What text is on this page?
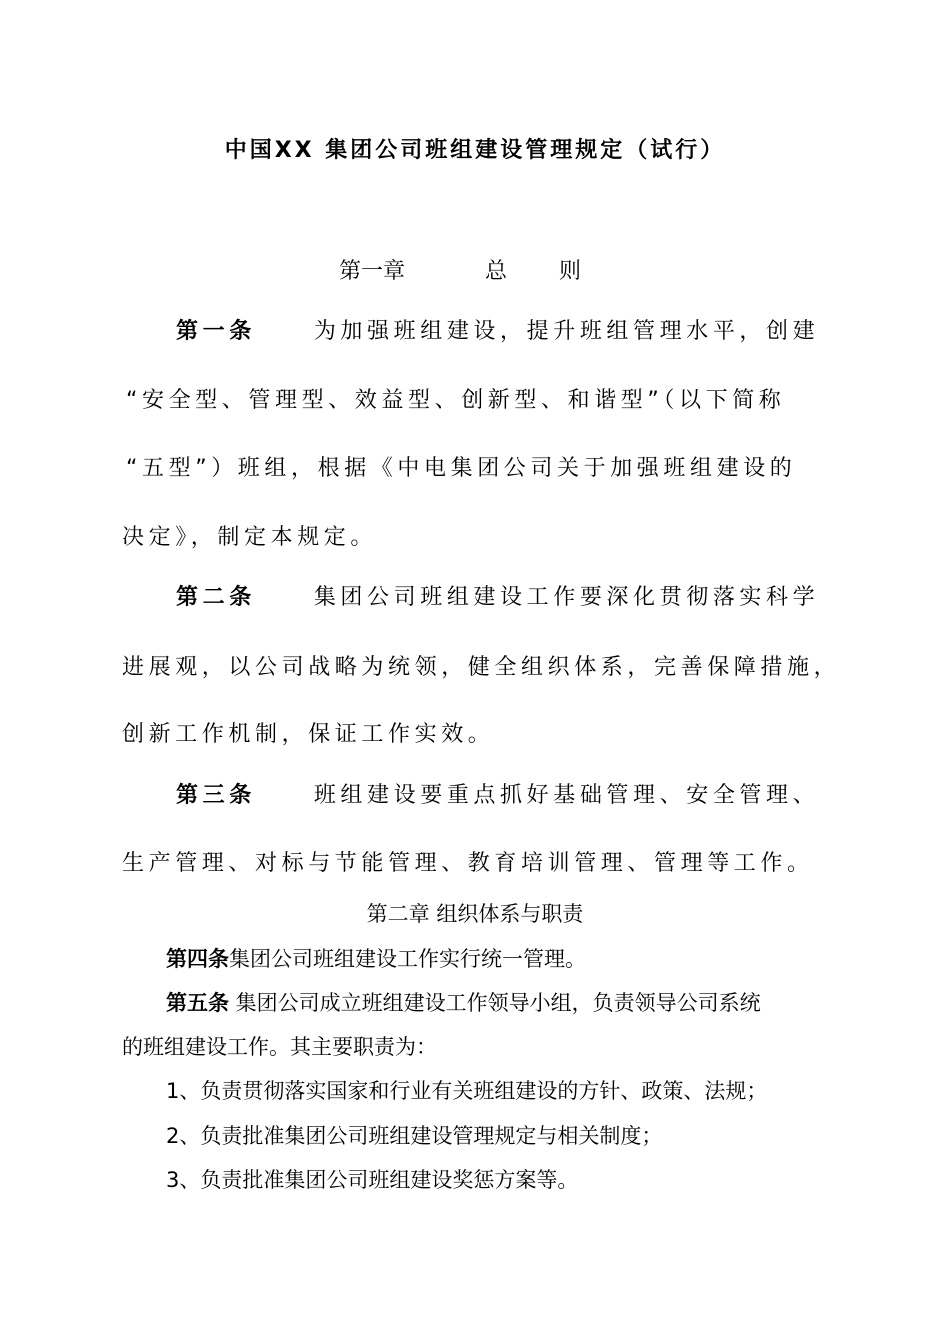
中国XX 集团公司班组建设管理规定（试行）
第一章	总 则
第一条	为加强班组建设，提升班组管理水平，创建
“安全型、管理型、效益型、创新型、和谐型”（以下简称
“五型”）班组，根据《中电集团公司关于加强班组建设的
决定》，制定本规定。
第二条	集团公司班组建设工作要深化贯彻落实科学
进展观，以公司战略为统领，健全组织体系，完善保障措施，
创新工作机制，保证工作实效。
第三条	班组建设要重点抓好基础管理、安全管理、
生产管理、对标与节能管理、教育培训管理、管理等工作。
第二章 组织体系与职责
第四条集团公司班组建设工作实行统一管理。
第五条 集团公司成立班组建设工作领导小组，负责领导公司系统
的班组建设工作。其主要职责为：
1、负责贯彻落实国家和行业有关班组建设的方针、政策、法规；
2、负责批准集团公司班组建设管理规定与相关制度；
3、负责批准集团公司班组建设奖惩方案等。
